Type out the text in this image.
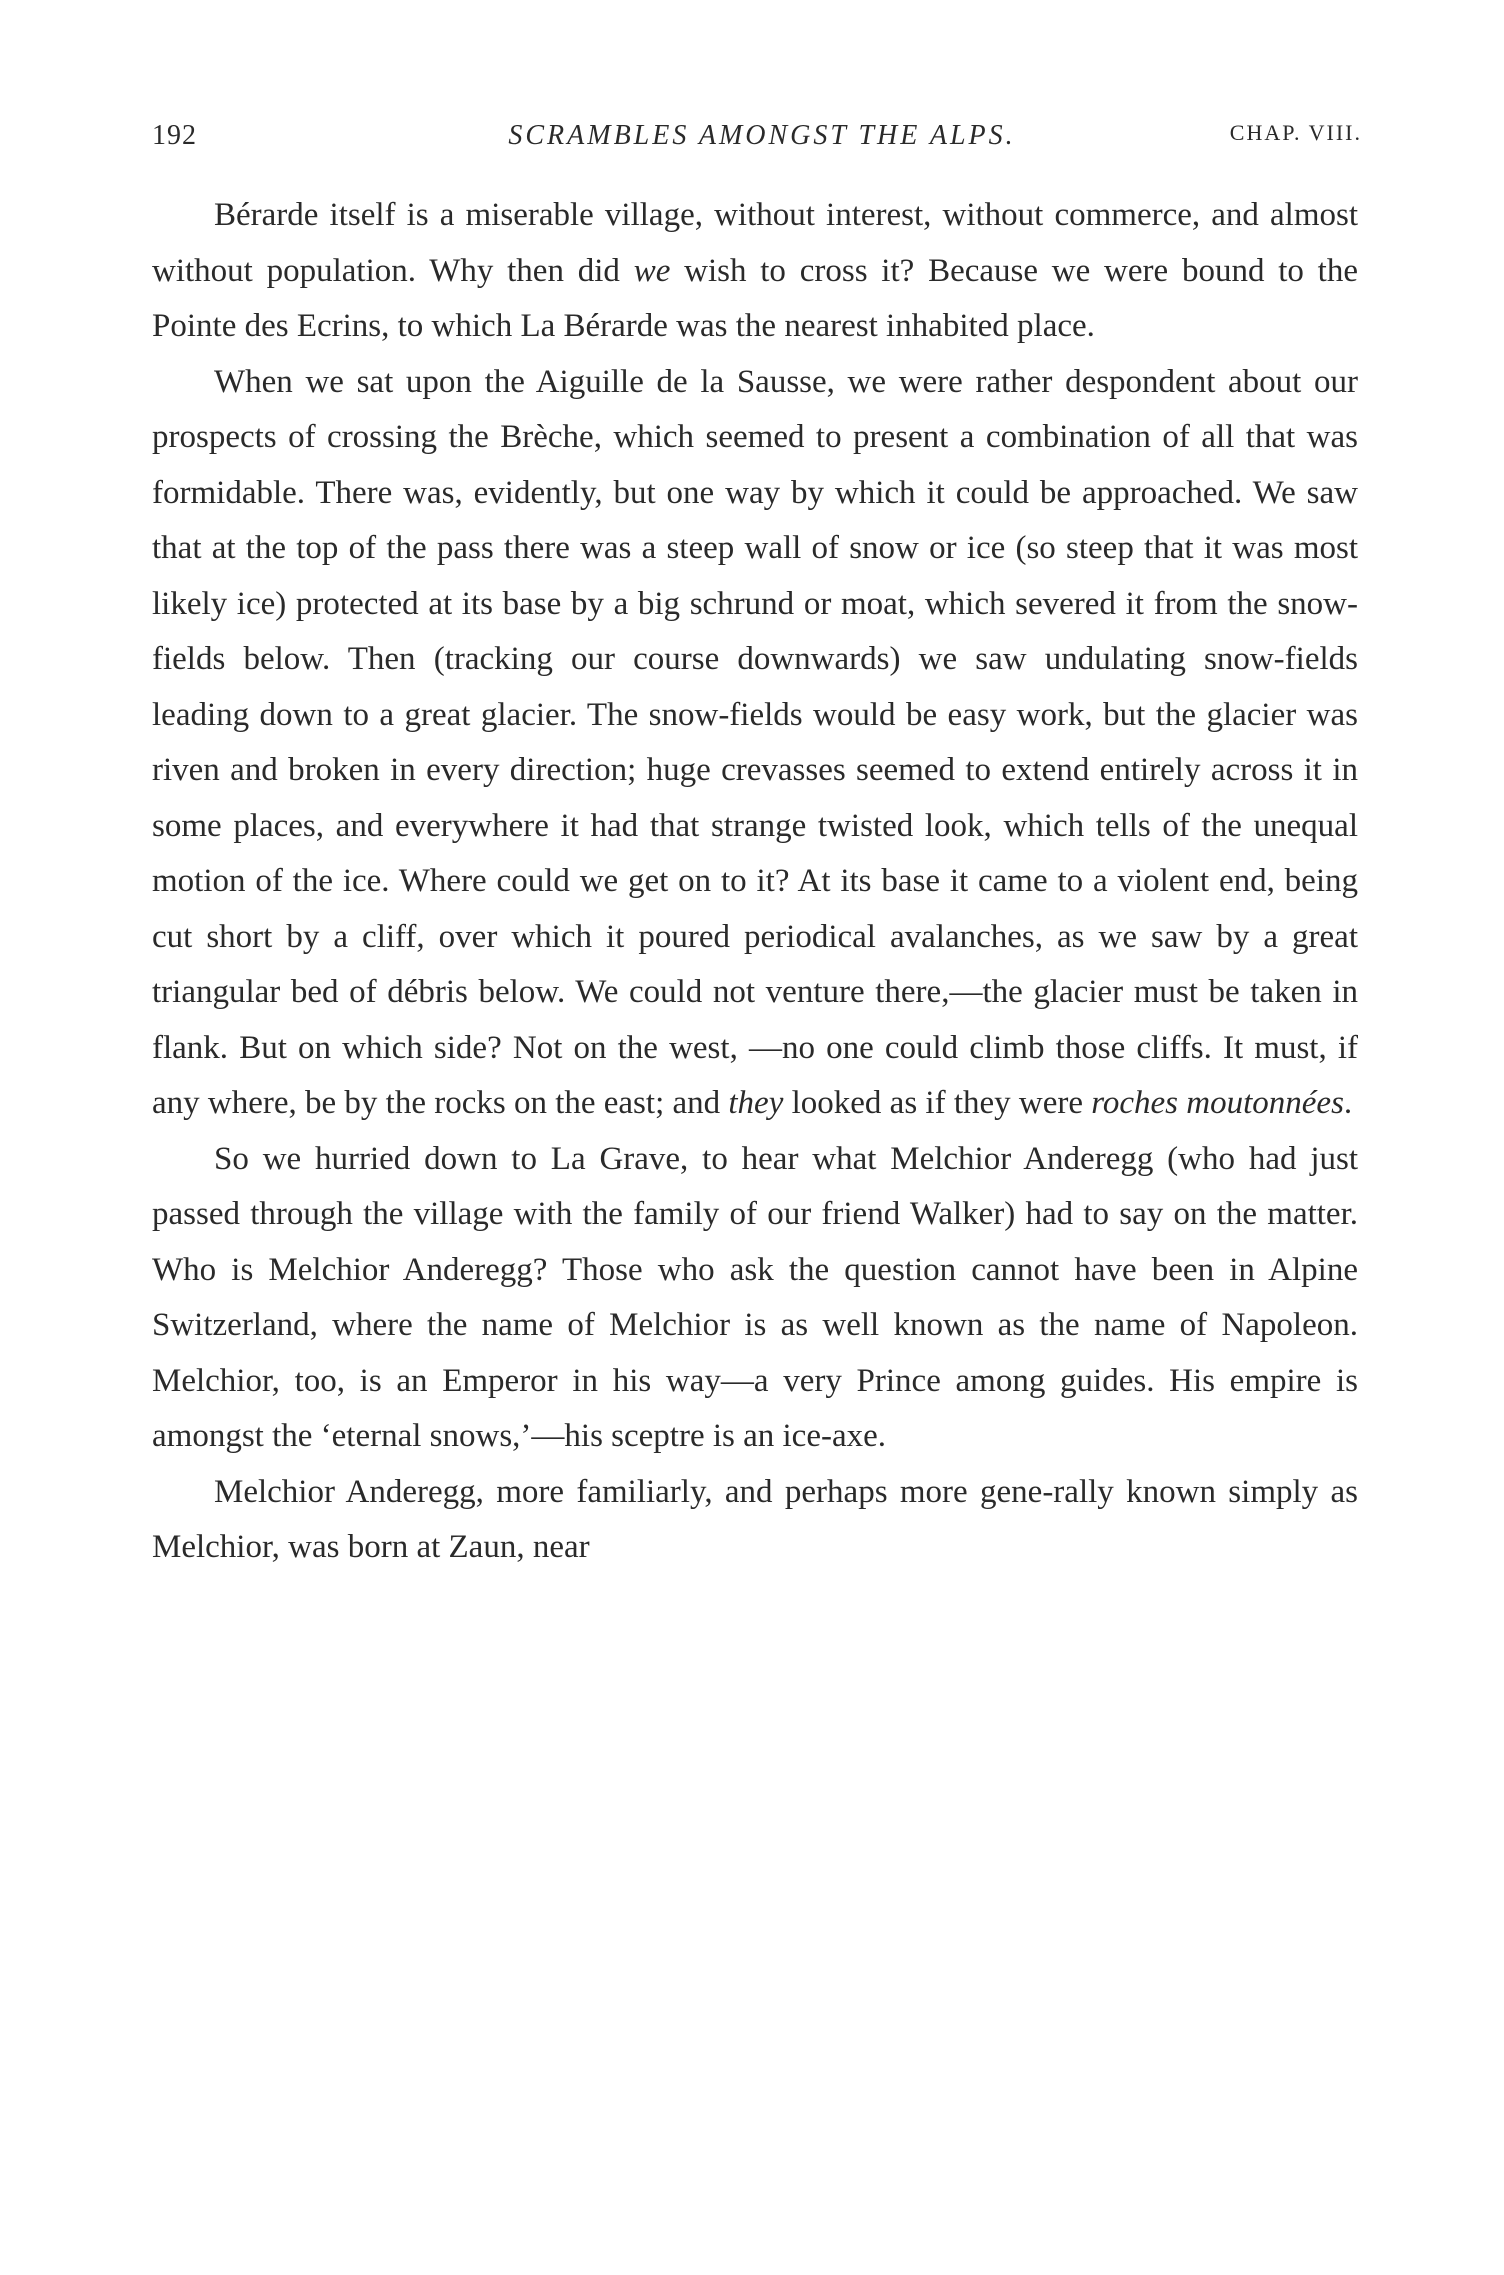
192	SCRAMBLES AMONGST THE ALPS.	CHAP. VIII.

Bérarde itself is a miserable village, without interest, without commerce, and almost without population. Why then did we wish to cross it? Because we were bound to the Pointe des Ecrins, to which La Bérarde was the nearest inhabited place.

When we sat upon the Aiguille de la Sausse, we were rather despondent about our prospects of crossing the Brèche, which seemed to present a combination of all that was formidable. There was, evidently, but one way by which it could be approached. We saw that at the top of the pass there was a steep wall of snow or ice (so steep that it was most likely ice) protected at its base by a big schrund or moat, which severed it from the snow-fields below. Then (tracking our course downwards) we saw undulating snow-fields leading down to a great glacier. The snow-fields would be easy work, but the glacier was riven and broken in every direction; huge crevasses seemed to extend entirely across it in some places, and everywhere it had that strange twisted look, which tells of the unequal motion of the ice. Where could we get on to it? At its base it came to a violent end, being cut short by a cliff, over which it poured periodical avalanches, as we saw by a great triangular bed of débris below. We could not venture there,—the glacier must be taken in flank. But on which side? Not on the west, —no one could climb those cliffs. It must, if any where, be by the rocks on the east; and they looked as if they were roches moutonnées.

So we hurried down to La Grave, to hear what Melchior Anderegg (who had just passed through the village with the family of our friend Walker) had to say on the matter. Who is Melchior Anderegg? Those who ask the question cannot have been in Alpine Switzerland, where the name of Melchior is as well known as the name of Napoleon. Melchior, too, is an Emperor in his way—a very Prince among guides. His empire is amongst the ‘eternal snows,’—his sceptre is an ice-axe.

Melchior Anderegg, more familiarly, and perhaps more gene-rally known simply as Melchior, was born at Zaun, near
